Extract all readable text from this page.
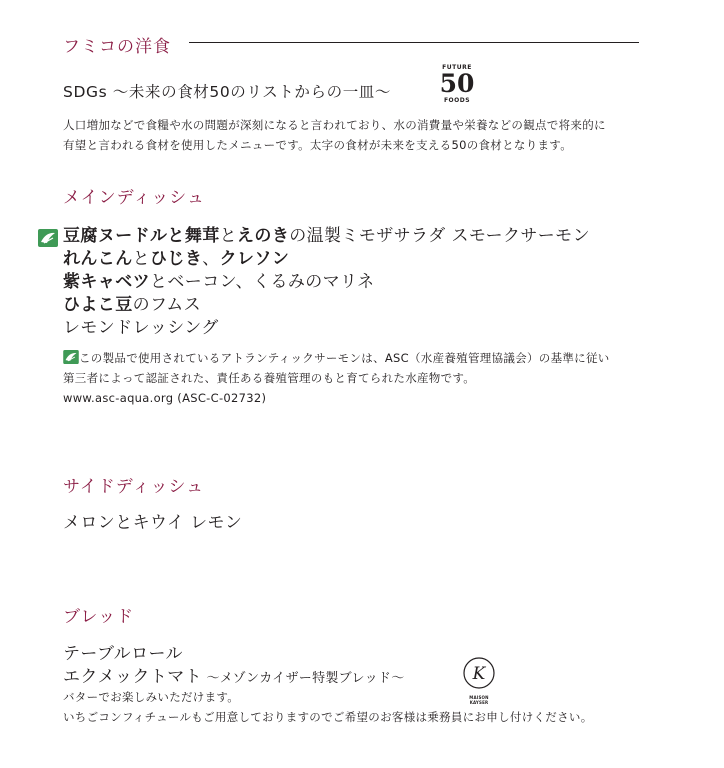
フミコの洋食
SDGs ～未来の食材50のリストからの一皿～
FUTURE
50
FOODS
人口増加などで食糧や水の問題が深刻になると言われており、水の消費量や栄養などの観点で将来的に
有望と言われる食材を使用したメニューです。太字の食材が未来を支える50の食材となります。
メインディッシュ
豆腐ヌードルと舞茸とえのきの温製ミモザサラダ スモークサーモン
れんこんとひじき、クレソン
紫キャベツとベーコン、くるみのマリネ
ひよこ豆のフムス
レモンドレッシング
この製品で使用されているアトランティックサーモンは、ASC（水産養殖管理協議会）の基準に従い
第三者によって認証された、責任ある養殖管理のもと育てられた水産物です。
www.asc-aqua.org (ASC-C-02732)
サイドディッシュ
メロンとキウイ レモン
ブレッド
テーブルロール
エクメックトマト ～メゾンカイザー特製ブレッド～	K
MAISON KAYSER
バターでお楽しみいただけます。
いちごコンフィチュールもご用意しておりますのでご希望のお客様は乗務員にお申し付けください。
